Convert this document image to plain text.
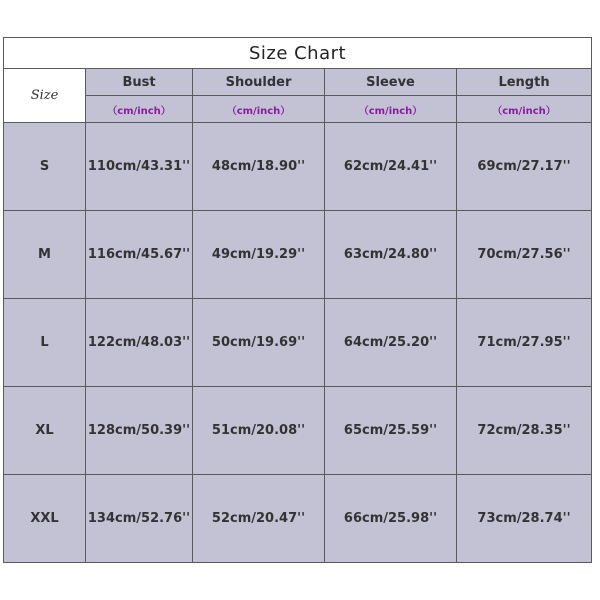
Size Chart				
Size	Bust	Shoulder	Sleeve	Length
	（cm/inch）	（cm/inch）	（cm/inch）	（cm/inch）
S	110cm/43.31''	48cm/18.90''	62cm/24.41''	69cm/27.17''
M	116cm/45.67''	49cm/19.29''	63cm/24.80''	70cm/27.56''
L	122cm/48.03''	50cm/19.69''	64cm/25.20''	71cm/27.95''
XL	128cm/50.39''	51cm/20.08''	65cm/25.59''	72cm/28.35''
XXL	134cm/52.76''	52cm/20.47''	66cm/25.98''	73cm/28.74''
